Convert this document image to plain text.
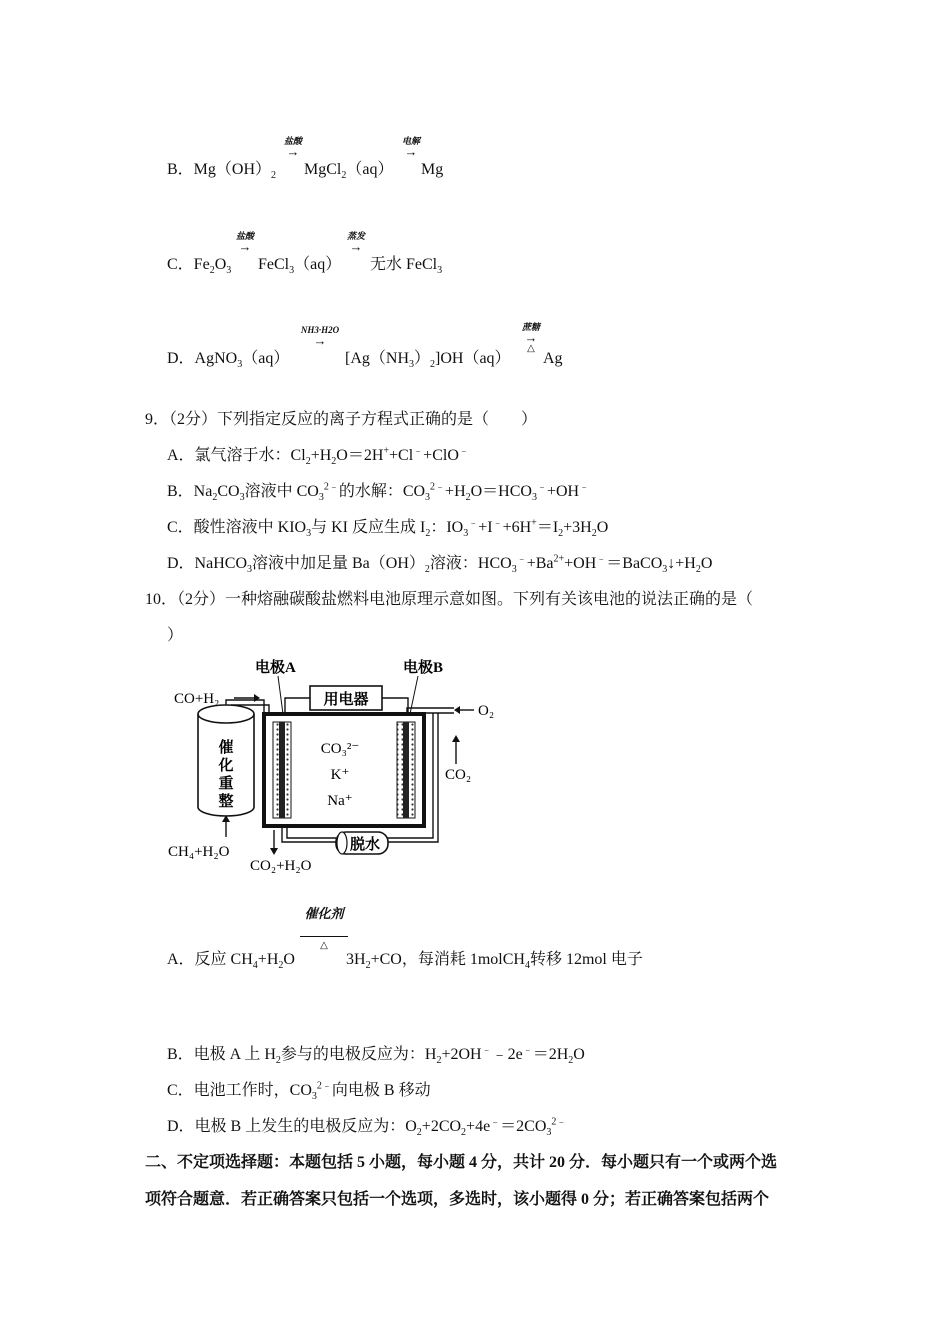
B．$Mg(OH)_2$
盐酸
→
MgCl$_2$（aq）
电解
→
Mg
C．$Fe_2O_3$
盐酸
→
FeCl$_3$（aq）
蒸发
→
无水 FeCl$_3$
D．AgNO$_3$（aq）
NH3·H2O
→
$[Ag(NH_3)_2]OH(aq)$
蔗糖
→
△
Ag
9．（2分）下列指定反应的离子方程式正确的是（　　）
A．氯气溶于水：$Cl_2+H_2O=2H^++Cl^﹣+ClO^﹣$
B．$Na_2CO_3$溶液中 $CO_3^{2﹣}$的水解：$CO_3^{2﹣}+H_2O=HCO_3^﹣+OH^﹣$
C．酸性溶液中 $KIO_3$与 KI 反应生成 $I_2$：$IO_3^﹣+I^﹣+6H^+=I_2+3H_2O$
D．NaHCO$_3$溶液中加足量 $Ba(OH)_2$溶液：$HCO_3^﹣+Ba^{2+}+OH^﹣=BaCO_3↓+H_2O$
10．（2分）一种熔融碳酸盐燃料电池原理示意如图。下列有关该电池的说法正确的是（
）
电极A	电极B
CO+H₂	用电器
O₂
CO₂
催
化
重
整
CH₄+H₂O
CO₃²⁻
K⁺
Na⁺
脱水
CO₂+H₂O
催化剂
△
A．反应 $CH_4+H_2O$	$3H_2+CO$，每消耗 1molCH$_4$转移 12mol 电子
B．电极 A 上 $H_2$参与的电极反应为：$H_2+2OH^﹣﹣2e^﹣=2H_2O$
C．电池工作时，$CO_3^{2﹣}$向电极 B 移动
D．电极 B 上发生的电极反应为：$O_2+2CO_2+4e^﹣=2CO_3^{2﹣}$
二、不定项选择题：本题包括 5 小题，每小题 4 分，共计 20 分．每小题只有一个或两个选
项符合题意．若正确答案只包括一个选项，多选时，该小题得 0 分；若正确答案包括两个
